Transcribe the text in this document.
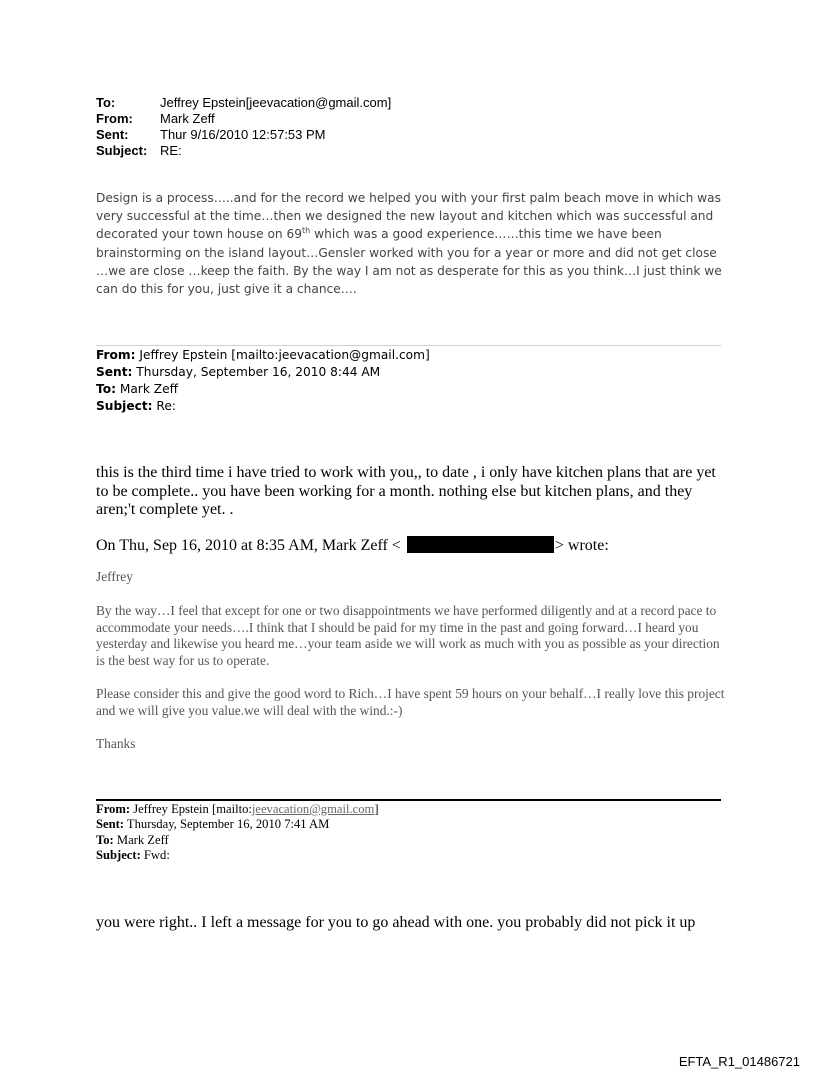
To:	Jeffrey Epstein[jeevacation@gmail.com]
From:	Mark Zeff
Sent:	Thur 9/16/2010 12:57:53 PM
Subject: RE:

Design is a process…..and for the record we helped you with your first palm beach move in which was very successful at the time…then we designed the new layout and kitchen which was successful and decorated your town house on 69th which was a good experience……this time we have been brainstorming on the island layout…Gensler worked with you for a year or more and did not get close …we are close …keep the faith. By the way I am not as desperate for this as you think…I just think we can do this for you, just give it a chance….

From: Jeffrey Epstein [mailto:jeevacation@gmail.com]
Sent: Thursday, September 16, 2010 8:44 AM
To: Mark Zeff
Subject: Re:

this is the third time i have tried to work with you,, to date , i only have kitchen plans that are yet to be complete.. you have been working for a month. nothing else but kitchen plans, and they aren;'t complete yet. .

On Thu, Sep 16, 2010 at 8:35 AM, Mark Zeff <	> wrote:

Jeffrey

By the way…I feel that except for one or two disappointments we have performed diligently and at a record pace to accommodate your needs….I think that I should be paid for my time in the past and going forward…I heard you yesterday and likewise you heard me…your team aside we will work as much with you as possible as your direction is the best way for us to operate.

Please consider this and give the good word to Rich…I have spent 59 hours on your behalf…I really love this project and we will give you value.we will deal with the wind.:-)

Thanks

From: Jeffrey Epstein [mailto:jeevacation@gmail.com]
Sent: Thursday, September 16, 2010 7:41 AM
To: Mark Zeff
Subject: Fwd:

you were right.. I left a message for you to go ahead with one. you probably did not pick it up

EFTA_R1_01486721
